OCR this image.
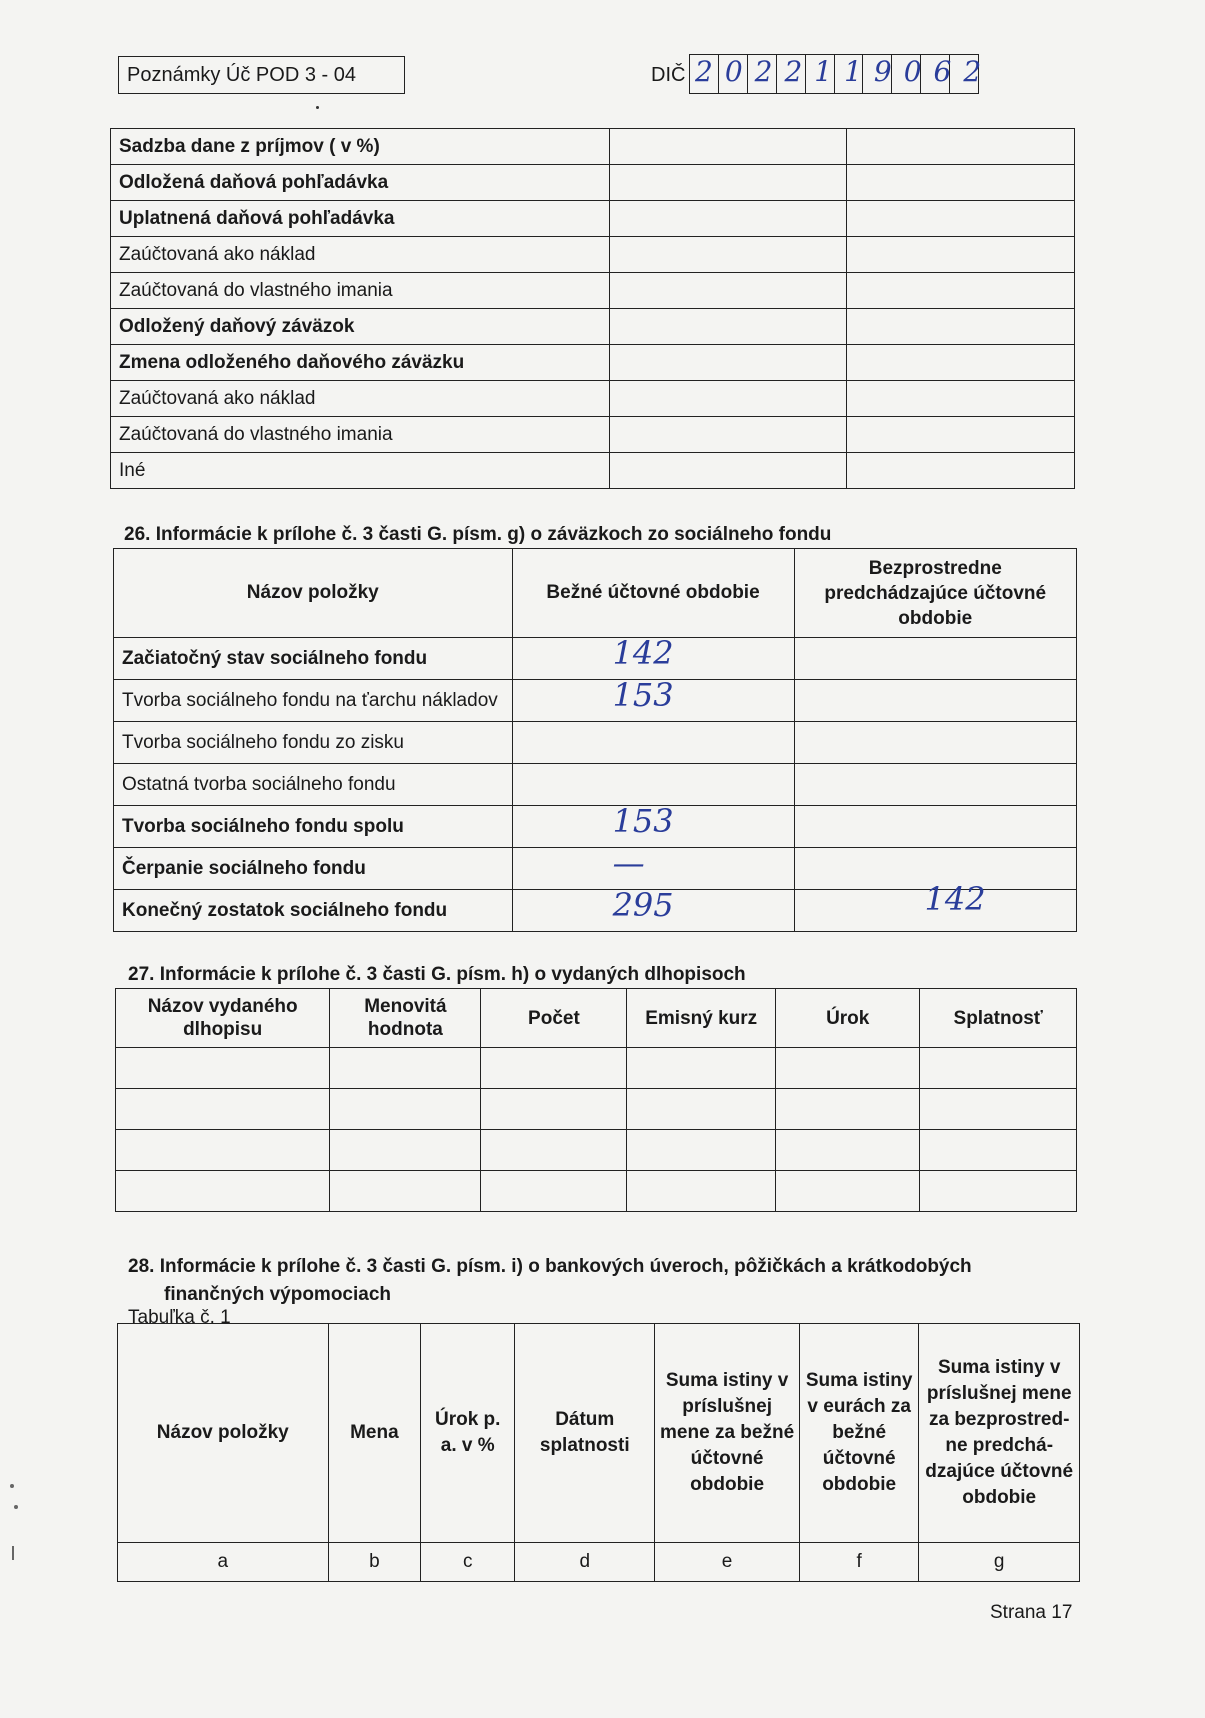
Poznámky Úč POD 3 - 04	DIČ 2022119062
Sadzba dane z príjmov ( v %)		
Odložená daňová pohľadávka		
Uplatnená daňová pohľadávka		
Zaúčtovaná ako náklad		
Zaúčtovaná do vlastného imania		
Odložený daňový záväzok		
Zmena odloženého daňového záväzku		
Zaúčtovaná ako náklad		
Zaúčtovaná do vlastného imania		
Iné		
26. Informácie k prílohe č. 3 časti G. písm. g) o záväzkoch zo sociálneho fondu
Názov položky	Bežné účtovné obdobie	Bezprostredne predchádzajúce účtovné obdobie
Začiatočný stav sociálneho fondu	142	

Tvorba sociálneho fondu na ťarchu nákladov	153	

Tvorba sociálneho fondu zo zisku		
Ostatná tvorba sociálneho fondu		
Tvorba sociálneho fondu spolu	153	

Čerpanie sociálneho fondu	—	

Konečný zostatok sociálneho fondu	295	142
27. Informácie k prílohe č. 3 časti G. písm. h) o vydaných dlhopisoch
Názov vydaného dlhopisu	Menovitá hodnota	Počet	Emisný kurz	Úrok	Splatnosť

28. Informácie k prílohe č. 3 časti G. písm. i) o bankových úveroch, pôžičkách a krátkodobých
finančných výpomociach
Tabuľka č. 1
Názov položky	Mena	Úrok p. a. v %	Dátum splatnosti	Suma istiny v príslušnej mene za bežné účtovné obdobie	Suma istiny v eurách za bežné účtovné obdobie	Suma istiny v príslušnej mene za bezprostred-ne predchá-dzajúce účtovné obdobie
a	b	c	d	e	f	g
Strana 17
